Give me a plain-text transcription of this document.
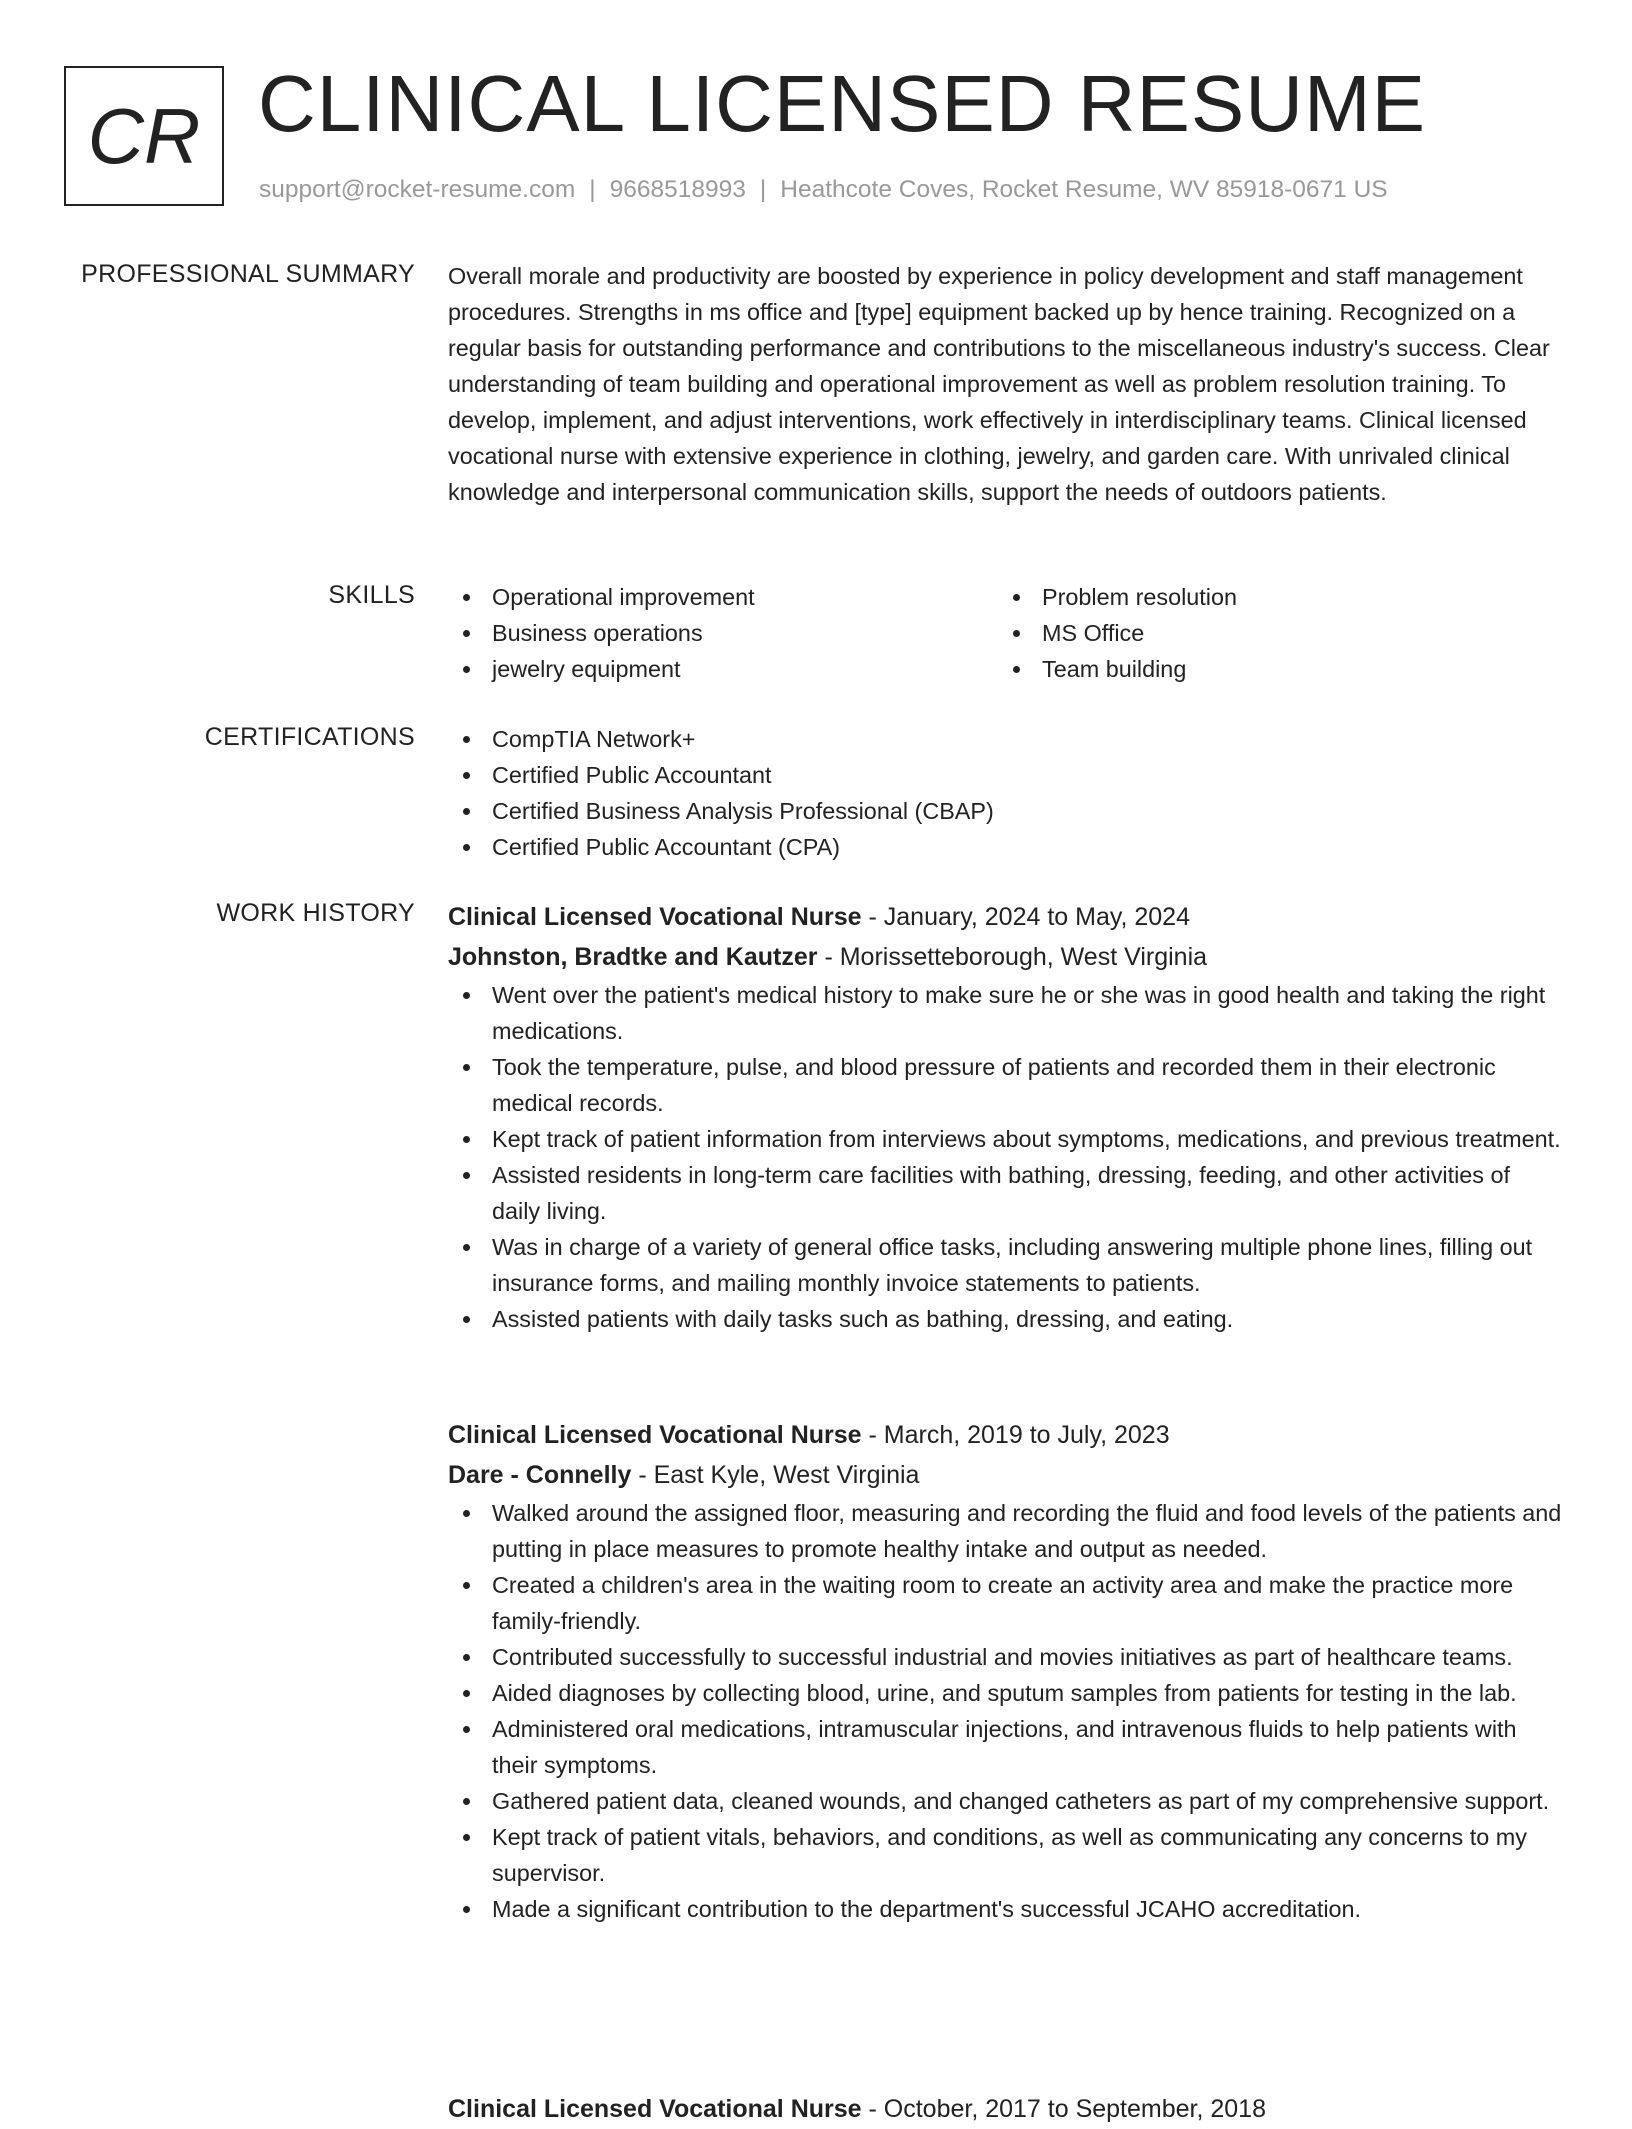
CR CLINICAL LICENSED RESUME
support@rocket-resume.com | 9668518993 | Heathcote Coves, Rocket Resume, WV 85918-0671 US
PROFESSIONAL SUMMARY Overall morale and productivity are boosted by experience in policy development and staff management procedures. Strengths in ms office and [type] equipment backed up by hence training. Recognized on a regular basis for outstanding performance and contributions to the miscellaneous industry's success. Clear understanding of team building and operational improvement as well as problem resolution training. To develop, implement, and adjust interventions, work effectively in interdisciplinary teams. Clinical licensed vocational nurse with extensive experience in clothing, jewelry, and garden care. With unrivaled clinical knowledge and interpersonal communication skills, support the needs of outdoors patients.

SKILLS	Operational improvement
Business operations
jewelry equipment
Problem resolution
MS Office
Team building
CERTIFICATIONS	CompTIA Network+
Certified Public Accountant
Certified Business Analysis Professional (CBAP)
Certified Public Accountant (CPA)
WORK HISTORY Clinical Licensed Vocational Nurse - January, 2024 to May, 2024
Johnston, Bradtke and Kautzer - Morissetteborough, West Virginia
Went over the patient's medical history to make sure he or she was in good health and taking the right medications.
Took the temperature, pulse, and blood pressure of patients and recorded them in their electronic medical records.
Kept track of patient information from interviews about symptoms, medications, and previous treatment.
Assisted residents in long-term care facilities with bathing, dressing, feeding, and other activities of daily living.
Was in charge of a variety of general office tasks, including answering multiple phone lines, filling out insurance forms, and mailing monthly invoice statements to patients.
Assisted patients with daily tasks such as bathing, dressing, and eating.
Clinical Licensed Vocational Nurse - March, 2019 to July, 2023
Dare - Connelly - East Kyle, West Virginia
Walked around the assigned floor, measuring and recording the fluid and food levels of the patients and putting in place measures to promote healthy intake and output as needed.
Created a children's area in the waiting room to create an activity area and make the practice more family-friendly.
Contributed successfully to successful industrial and movies initiatives as part of healthcare teams.
Aided diagnoses by collecting blood, urine, and sputum samples from patients for testing in the lab.
Administered oral medications, intramuscular injections, and intravenous fluids to help patients with their symptoms.
Gathered patient data, cleaned wounds, and changed catheters as part of my comprehensive support.
Kept track of patient vitals, behaviors, and conditions, as well as communicating any concerns to my supervisor.
Made a significant contribution to the department's successful JCAHO accreditation.
Clinical Licensed Vocational Nurse - October, 2017 to September, 2018
